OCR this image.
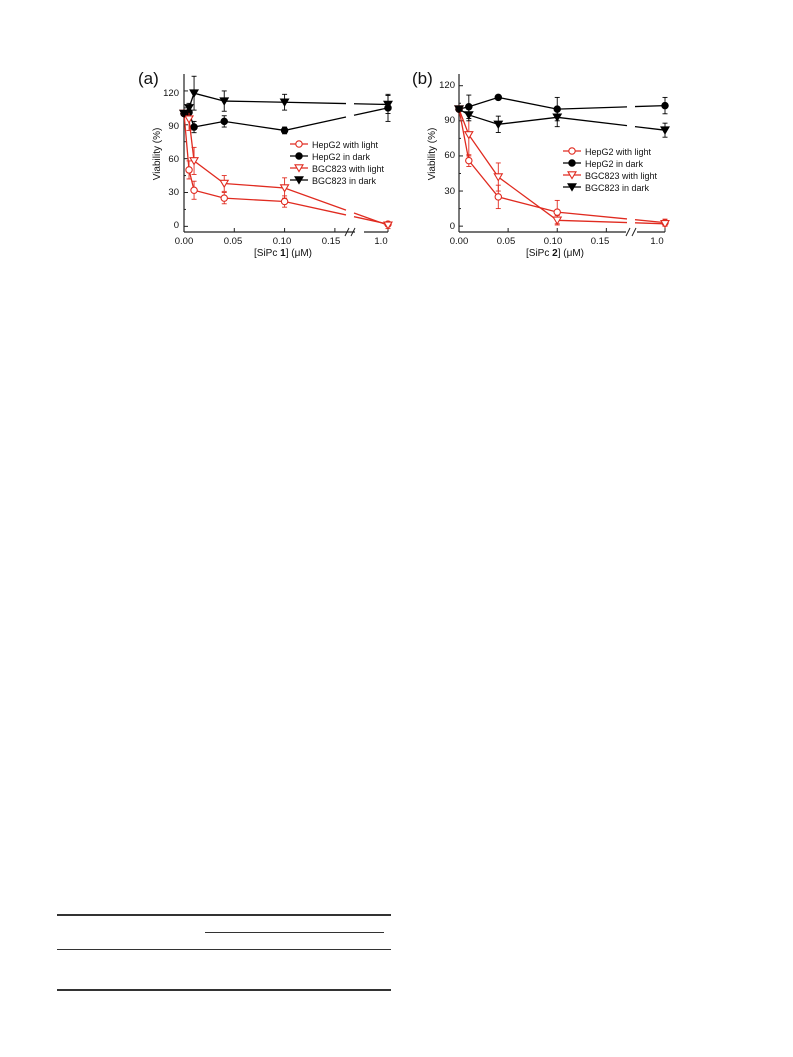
(a)
Viability (%)
[SiPc 1] (μM)
0
30
60
90
120
0.00	0.05	0.10	0.15	1.0
HepG2 with light
HepG2 in dark
BGC823 with light
BGC823 in dark
(b)
Viability (%)
[SiPc 2] (μM)
0
30
60
90
120
0.00	0.05	0.10	0.15	1.0
HepG2 with light
HepG2 in dark
BGC823 with light
BGC823 in dark
